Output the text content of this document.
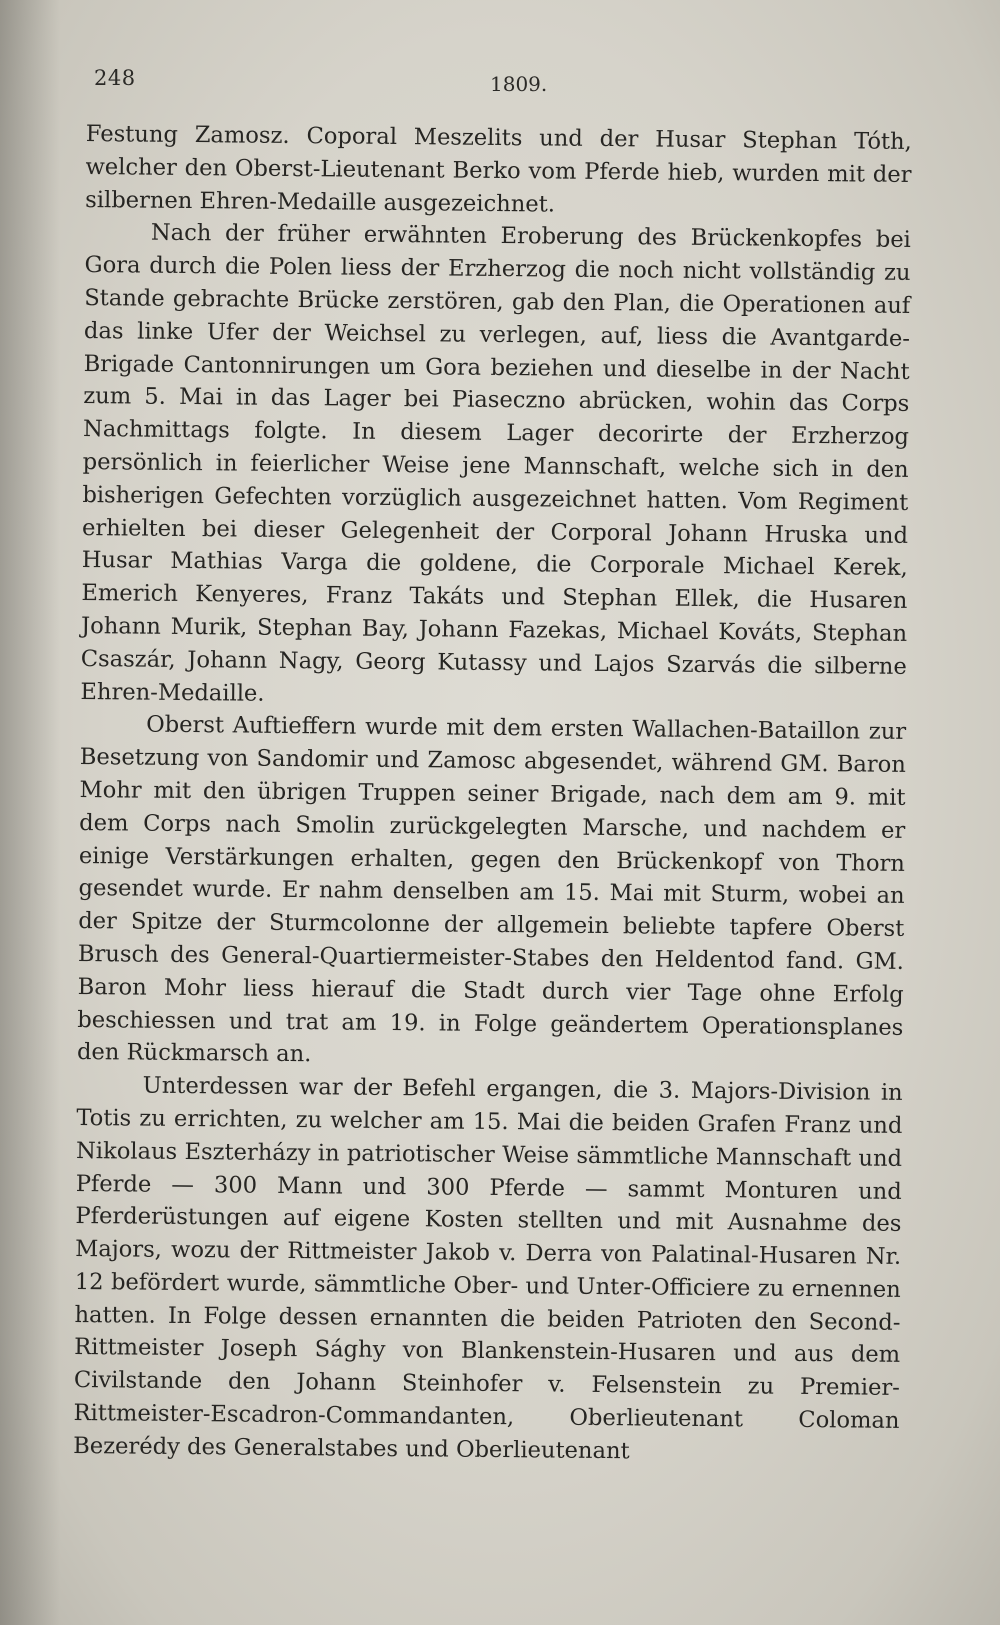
248	1809.

Festung Zamosz. Coporal Meszelits und der Husar Stephan Tóth, welcher den Oberst-Lieutenant Berko vom Pferde hieb, wurden mit der silbernen Ehren-Medaille ausgezeichnet.

Nach der früher erwähnten Eroberung des Brückenkopfes bei Gora durch die Polen liess der Erzherzog die noch nicht vollständig zu Stande gebrachte Brücke zerstören, gab den Plan, die Operationen auf das linke Ufer der Weichsel zu verlegen, auf, liess die Avantgarde-Brigade Cantonnirungen um Gora beziehen und dieselbe in der Nacht zum 5. Mai in das Lager bei Piaseczno abrücken, wohin das Corps Nachmittags folgte. In diesem Lager decorirte der Erzherzog persönlich in feierlicher Weise jene Mannschaft, welche sich in den bisherigen Gefechten vorzüglich ausgezeichnet hatten. Vom Regiment erhielten bei dieser Gelegenheit der Corporal Johann Hruska und Husar Mathias Varga die goldene, die Corporale Michael Kerek, Emerich Kenyeres, Franz Takáts und Stephan Ellek, die Husaren Johann Murik, Stephan Bay, Johann Fazekas, Michael Kováts, Stephan Csaszár, Johann Nagy, Georg Kutassy und Lajos Szarvás die silberne Ehren-Medaille.

Oberst Auftieffern wurde mit dem ersten Wallachen-Bataillon zur Besetzung von Sandomir und Zamosc abgesendet, während GM. Baron Mohr mit den übrigen Truppen seiner Brigade, nach dem am 9. mit dem Corps nach Smolin zurückgelegten Marsche, und nachdem er einige Verstärkungen erhalten, gegen den Brückenkopf von Thorn gesendet wurde. Er nahm denselben am 15. Mai mit Sturm, wobei an der Spitze der Sturmcolonne der allgemein beliebte tapfere Oberst Brusch des General-Quartiermeister-Stabes den Heldentod fand. GM. Baron Mohr liess hierauf die Stadt durch vier Tage ohne Erfolg beschiessen und trat am 19. in Folge geändertem Operationsplanes den Rückmarsch an.

Unterdessen war der Befehl ergangen, die 3. Majors-Division in Totis zu errichten, zu welcher am 15. Mai die beiden Grafen Franz und Nikolaus Eszterházy in patriotischer Weise sämmtliche Mannschaft und Pferde — 300 Mann und 300 Pferde — sammt Monturen und Pferderüstungen auf eigene Kosten stellten und mit Ausnahme des Majors, wozu der Rittmeister Jakob v. Derra von Palatinal-Husaren Nr. 12 befördert wurde, sämmtliche Ober- und Unter-Officiere zu ernennen hatten. In Folge dessen ernannten die beiden Patrioten den Second-Rittmeister Joseph Sághy von Blankenstein-Husaren und aus dem Civilstande den Johann Steinhofer v. Felsenstein zu Premier-Rittmeister-Escadron-Commandanten, Oberlieutenant Coloman Bezerédy des Generalstabes und Oberlieutenant
